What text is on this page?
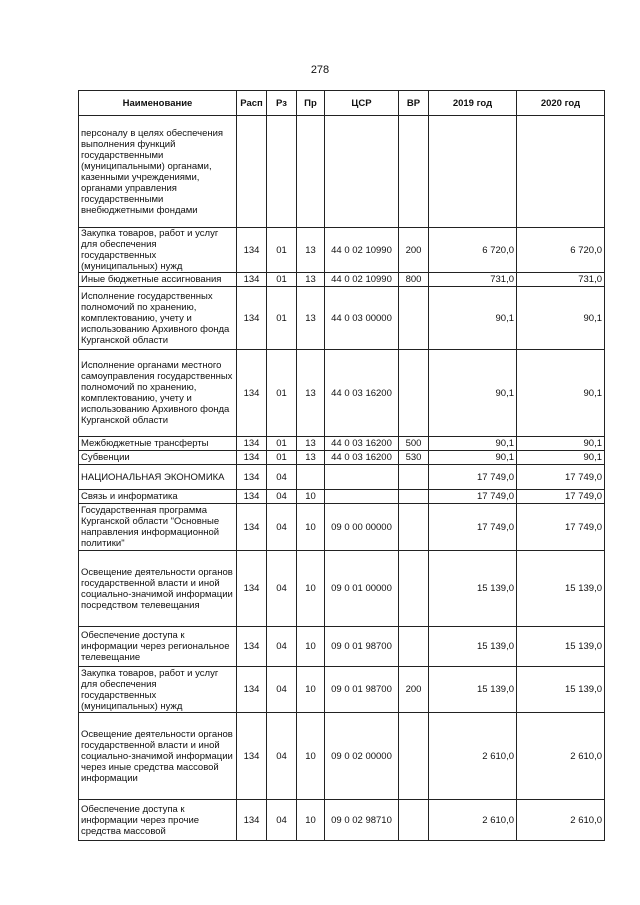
278
Наименование	Расп	Рз	Пр	ЦСР	ВР	2019 год	2020 год
персоналу в целях обеспечения выполнения функций государственными (муниципальными) органами, казенными учреждениями, органами управления государственными внебюджетными фондами							
Закупка товаров, работ и услуг для обеспечения государственных (муниципальных) нужд	134	01	13	44 0 02 10990	200	6 720,0	6 720,0
Иные бюджетные ассигнования	134	01	13	44 0 02 10990	800	731,0	731,0
Исполнение государственных полномочий по хранению, комплектованию, учету и использованию Архивного фонда Курганской области	134	01	13	44 0 03 00000		90,1	90,1
Исполнение органами местного самоуправления государственных полномочий по хранению, комплектованию, учету и использованию Архивного фонда Курганской области	134	01	13	44 0 03 16200		90,1	90,1
Межбюджетные трансферты	134	01	13	44 0 03 16200	500	90,1	90,1
Субвенции	134	01	13	44 0 03 16200	530	90,1	90,1
НАЦИОНАЛЬНАЯ ЭКОНОМИКА	134	04				17 749,0	17 749,0
Связь и информатика	134	04	10			17 749,0	17 749,0
Государственная программа Курганской области "Основные направления информационной политики"	134	04	10	09 0 00 00000		17 749,0	17 749,0
Освещение деятельности органов государственной власти и иной социально-значимой информации посредством телевещания	134	04	10	09 0 01 00000		15 139,0	15 139,0
Обеспечение доступа к информации через региональное телевещание	134	04	10	09 0 01 98700		15 139,0	15 139,0
Закупка товаров, работ и услуг для обеспечения государственных (муниципальных) нужд	134	04	10	09 0 01 98700	200	15 139,0	15 139,0
Освещение деятельности органов государственной власти и иной социально-значимой информации через иные средства массовой информации	134	04	10	09 0 02 00000		2 610,0	2 610,0
Обеспечение доступа к информации через прочие средства массовой	134	04	10	09 0 02 98710		2 610,0	2 610,0
